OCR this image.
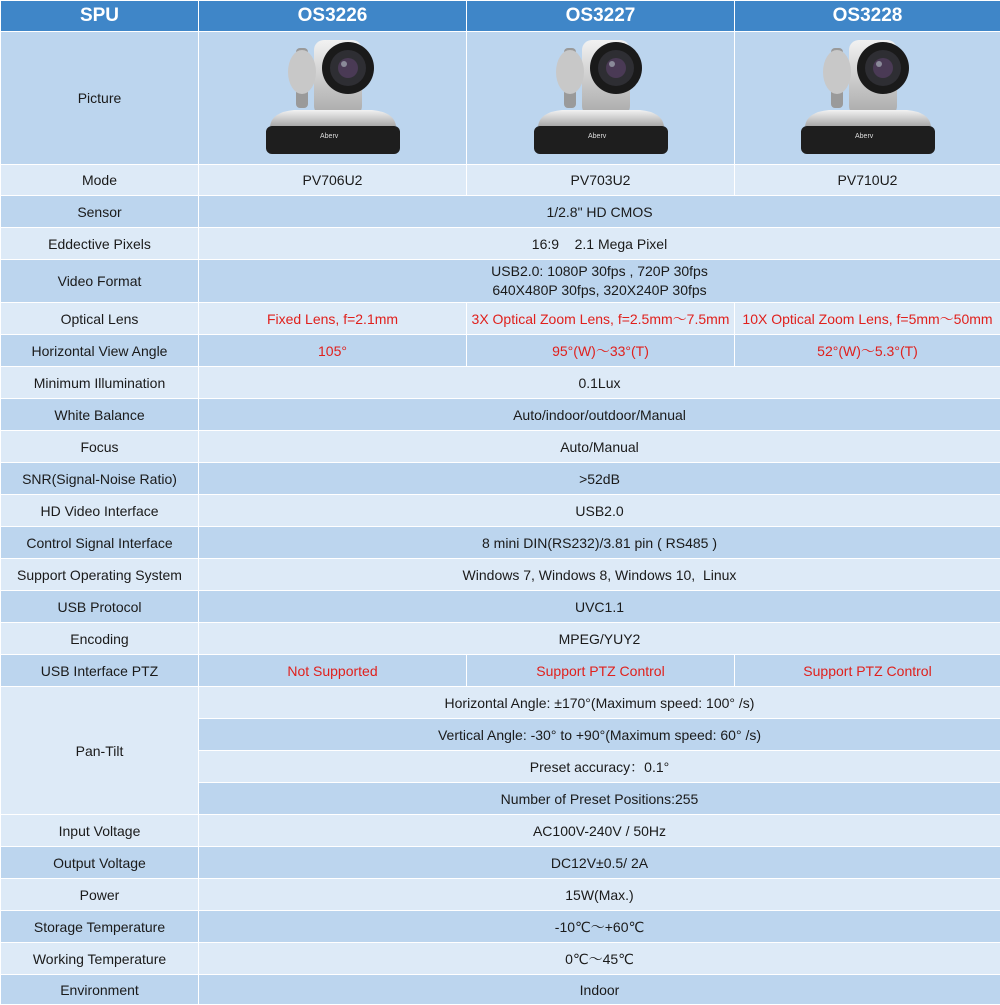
SPU	OS3226	OS3227	OS3228
Picture	Aberv	Aberv	Aberv

Mode	PV706U2	PV703U2	PV710U2
Sensor	1/2.8" HD CMOS		
Eddective Pixels	16:9    2.1 Mega Pixel		
Video Format	USB2.0: 1080P 30fps , 720P 30fps
640X480P 30fps, 320X240P 30fps		

Optical Lens	Fixed Lens, f=2.1mm	3X Optical Zoom Lens, f=2.5mm～7.5mm	10X Optical Zoom Lens, f=5mm～50mm
Horizontal View Angle	105°	95°(W)～33°(T)	52°(W)～5.3°(T)
Minimum Illumination	0.1Lux		
White Balance	Auto/indoor/outdoor/Manual		
Focus	Auto/Manual		
SNR(Signal-Noise Ratio)	>52dB		
HD Video Interface	USB2.0		
Control Signal Interface	8 mini DIN(RS232)/3.81 pin ( RS485 )		
Support Operating System	Windows 7, Windows 8, Windows 10,  Linux		
USB Protocol	UVC1.1		
Encoding	MPEG/YUY2		
USB Interface PTZ	Not Supported	Support PTZ Control	Support PTZ Control
Pan-Tilt	Horizontal Angle: ±170°(Maximum speed: 100° /s)		
	Vertical Angle: -30° to +90°(Maximum speed: 60° /s)		
	Preset accuracy：0.1°		
	Number of Preset Positions:255		
Input Voltage	AC100V-240V / 50Hz		
Output Voltage	DC12V±0.5/ 2A		
Power	15W(Max.)		
Storage Temperature	-10℃～+60℃		
Working Temperature	0℃～45℃		
Environment	Indoor		
